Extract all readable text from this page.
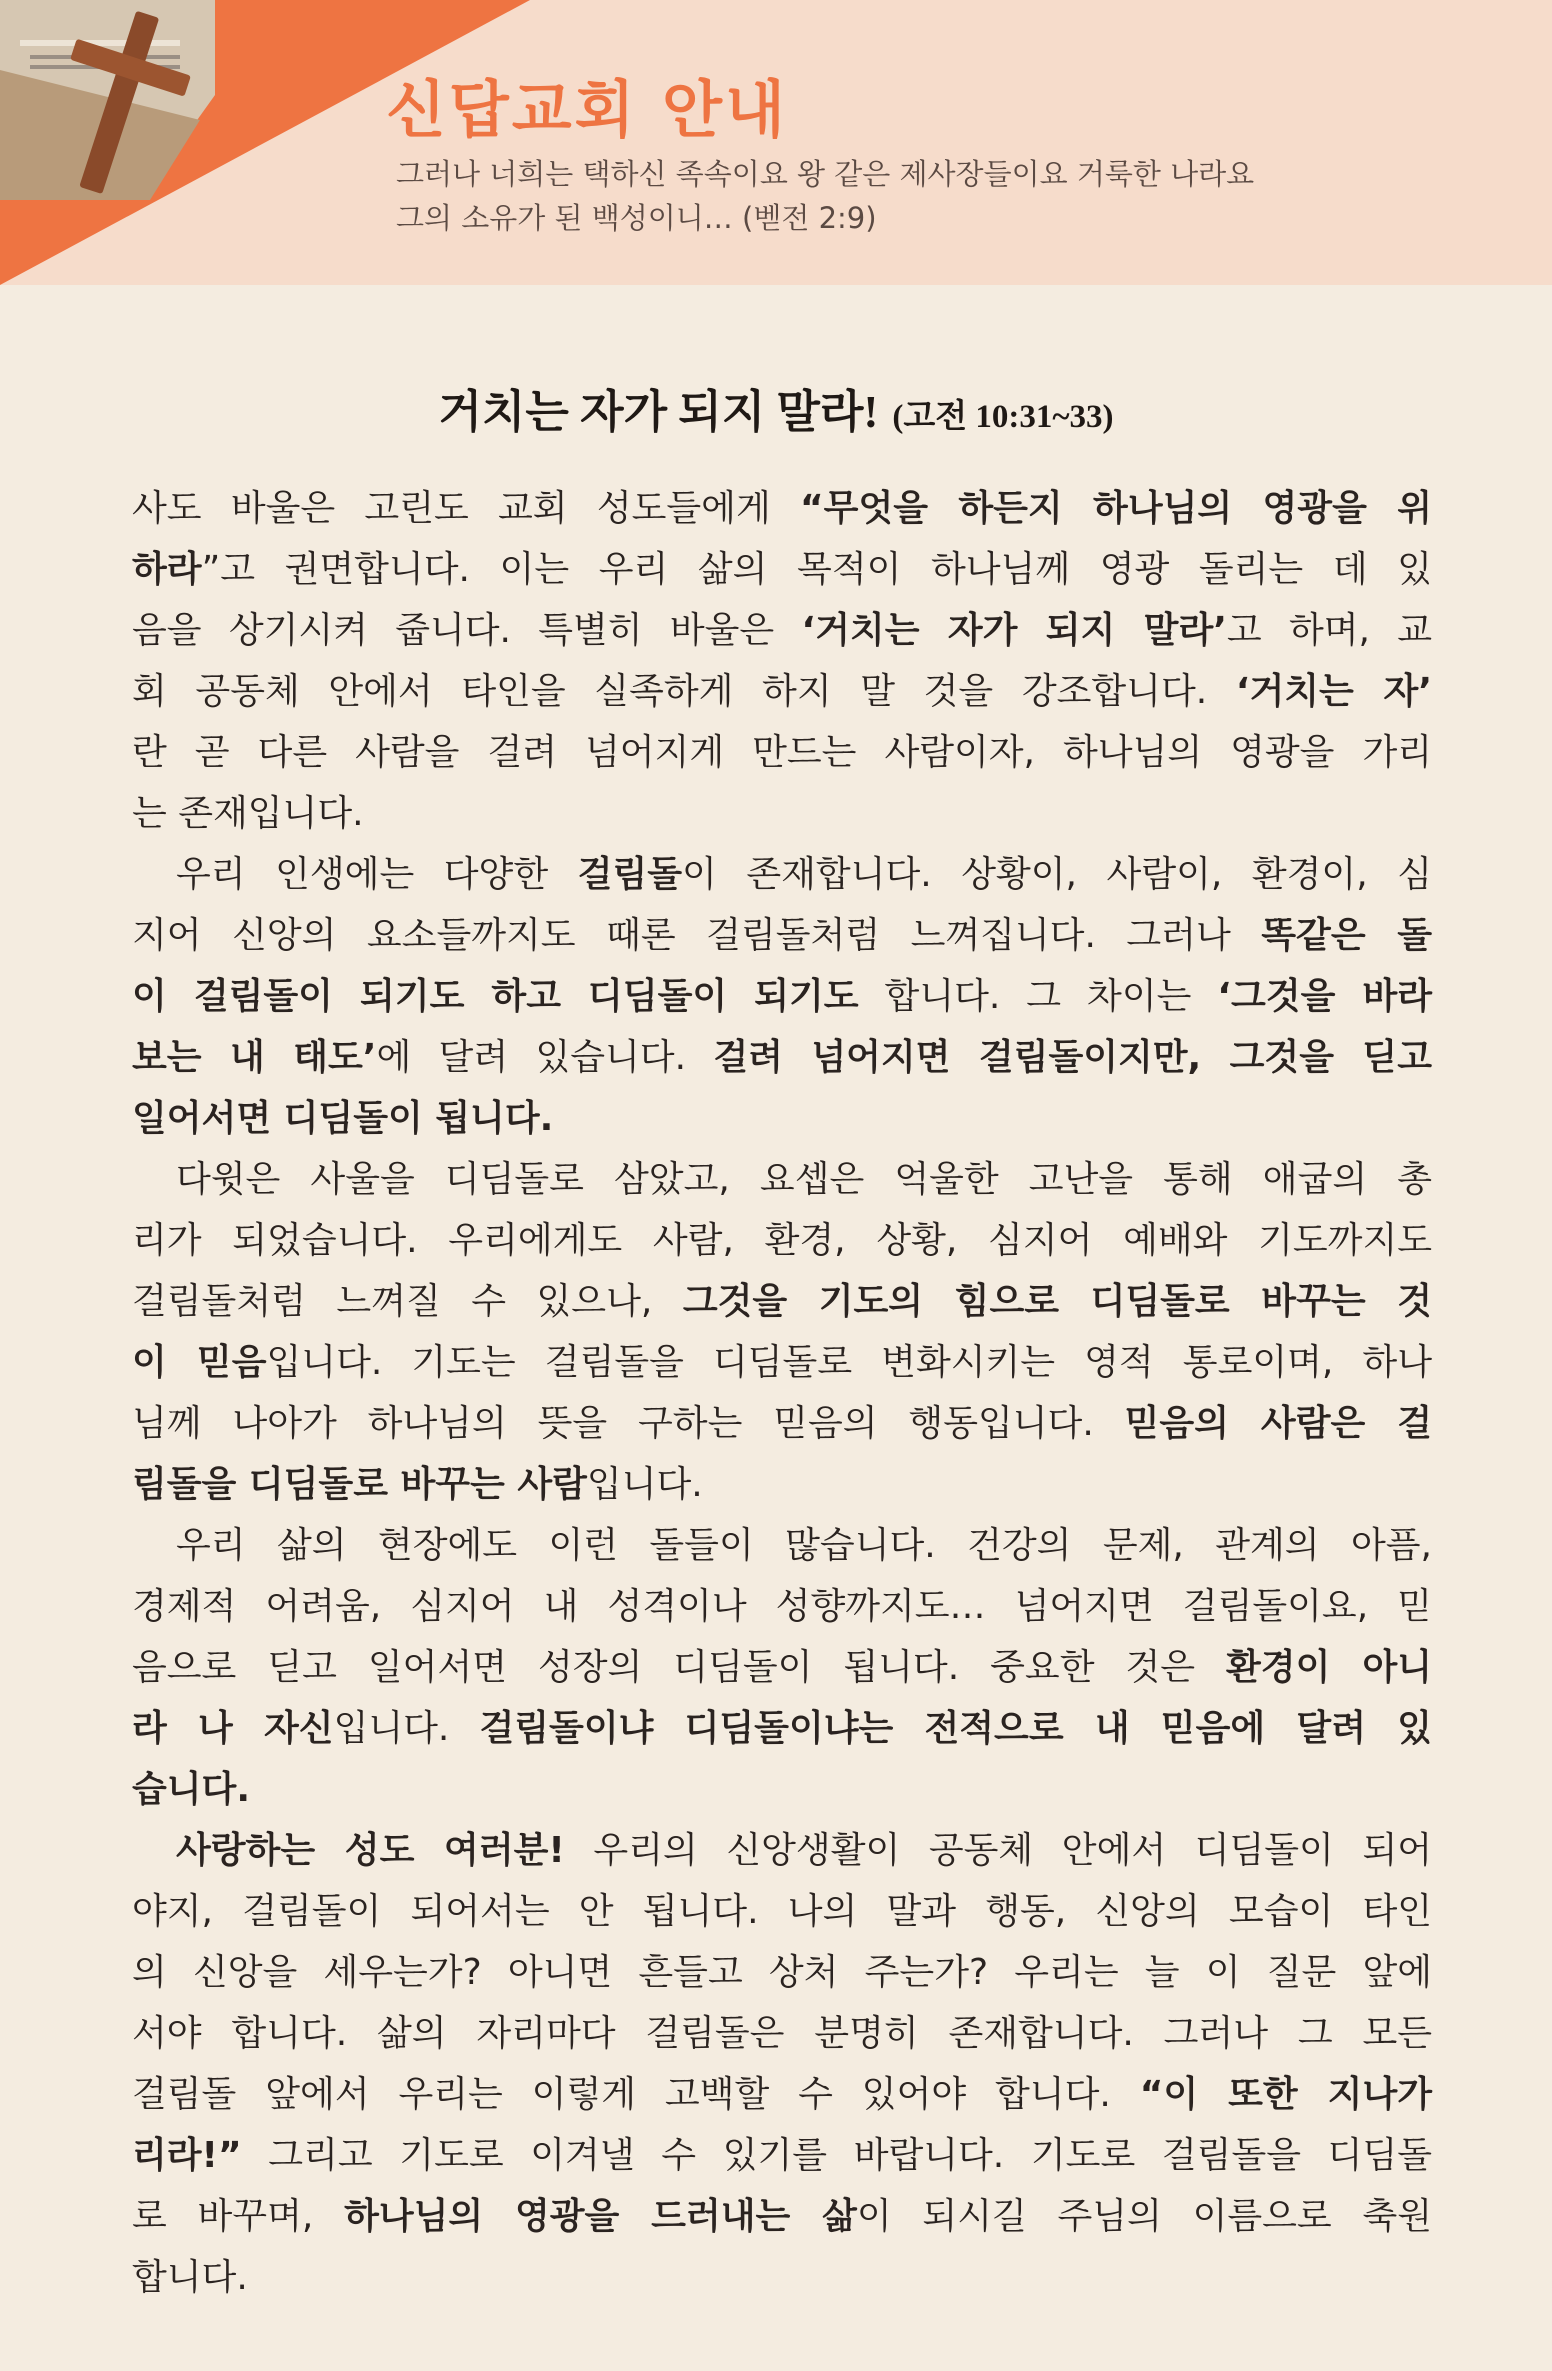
신답교회 안내
그러나 너희는 택하신 족속이요 왕 같은 제사장들이요 거룩한 나라요
그의 소유가 된 백성이니… (벧전 2:9)
거치는 자가 되지 말라! (고전 10:31~33)
사도 바울은 고린도 교회 성도들에게 “무엇을 하든지 하나님의 영광을 위
하라”고 권면합니다. 이는 우리 삶의 목적이 하나님께 영광 돌리는 데 있
음을 상기시켜 줍니다. 특별히 바울은 ‘거치는 자가 되지 말라’고 하며, 교
회 공동체 안에서 타인을 실족하게 하지 말 것을 강조합니다. ‘거치는 자’
란 곧 다른 사람을 걸려 넘어지게 만드는 사람이자, 하나님의 영광을 가리
는 존재입니다.
우리 인생에는 다양한 걸림돌이 존재합니다. 상황이, 사람이, 환경이, 심
지어 신앙의 요소들까지도 때론 걸림돌처럼 느껴집니다. 그러나 똑같은 돌
이 걸림돌이 되기도 하고 디딤돌이 되기도 합니다. 그 차이는 ‘그것을 바라
보는 내 태도’에 달려 있습니다. 걸려 넘어지면 걸림돌이지만, 그것을 딛고
일어서면 디딤돌이 됩니다.
다윗은 사울을 디딤돌로 삼았고, 요셉은 억울한 고난을 통해 애굽의 총
리가 되었습니다. 우리에게도 사람, 환경, 상황, 심지어 예배와 기도까지도
걸림돌처럼 느껴질 수 있으나, 그것을 기도의 힘으로 디딤돌로 바꾸는 것
이 믿음입니다. 기도는 걸림돌을 디딤돌로 변화시키는 영적 통로이며, 하나
님께 나아가 하나님의 뜻을 구하는 믿음의 행동입니다. 믿음의 사람은 걸
림돌을 디딤돌로 바꾸는 사람입니다.
우리 삶의 현장에도 이런 돌들이 많습니다. 건강의 문제, 관계의 아픔,
경제적 어려움, 심지어 내 성격이나 성향까지도… 넘어지면 걸림돌이요, 믿
음으로 딛고 일어서면 성장의 디딤돌이 됩니다. 중요한 것은 환경이 아니
라 나 자신입니다. 걸림돌이냐 디딤돌이냐는 전적으로 내 믿음에 달려 있
습니다.
사랑하는 성도 여러분! 우리의 신앙생활이 공동체 안에서 디딤돌이 되어
야지, 걸림돌이 되어서는 안 됩니다. 나의 말과 행동, 신앙의 모습이 타인
의 신앙을 세우는가? 아니면 흔들고 상처 주는가? 우리는 늘 이 질문 앞에
서야 합니다. 삶의 자리마다 걸림돌은 분명히 존재합니다. 그러나 그 모든
걸림돌 앞에서 우리는 이렇게 고백할 수 있어야 합니다. “이 또한 지나가
리라!” 그리고 기도로 이겨낼 수 있기를 바랍니다. 기도로 걸림돌을 디딤돌
로 바꾸며, 하나님의 영광을 드러내는 삶이 되시길 주님의 이름으로 축원
합니다.
